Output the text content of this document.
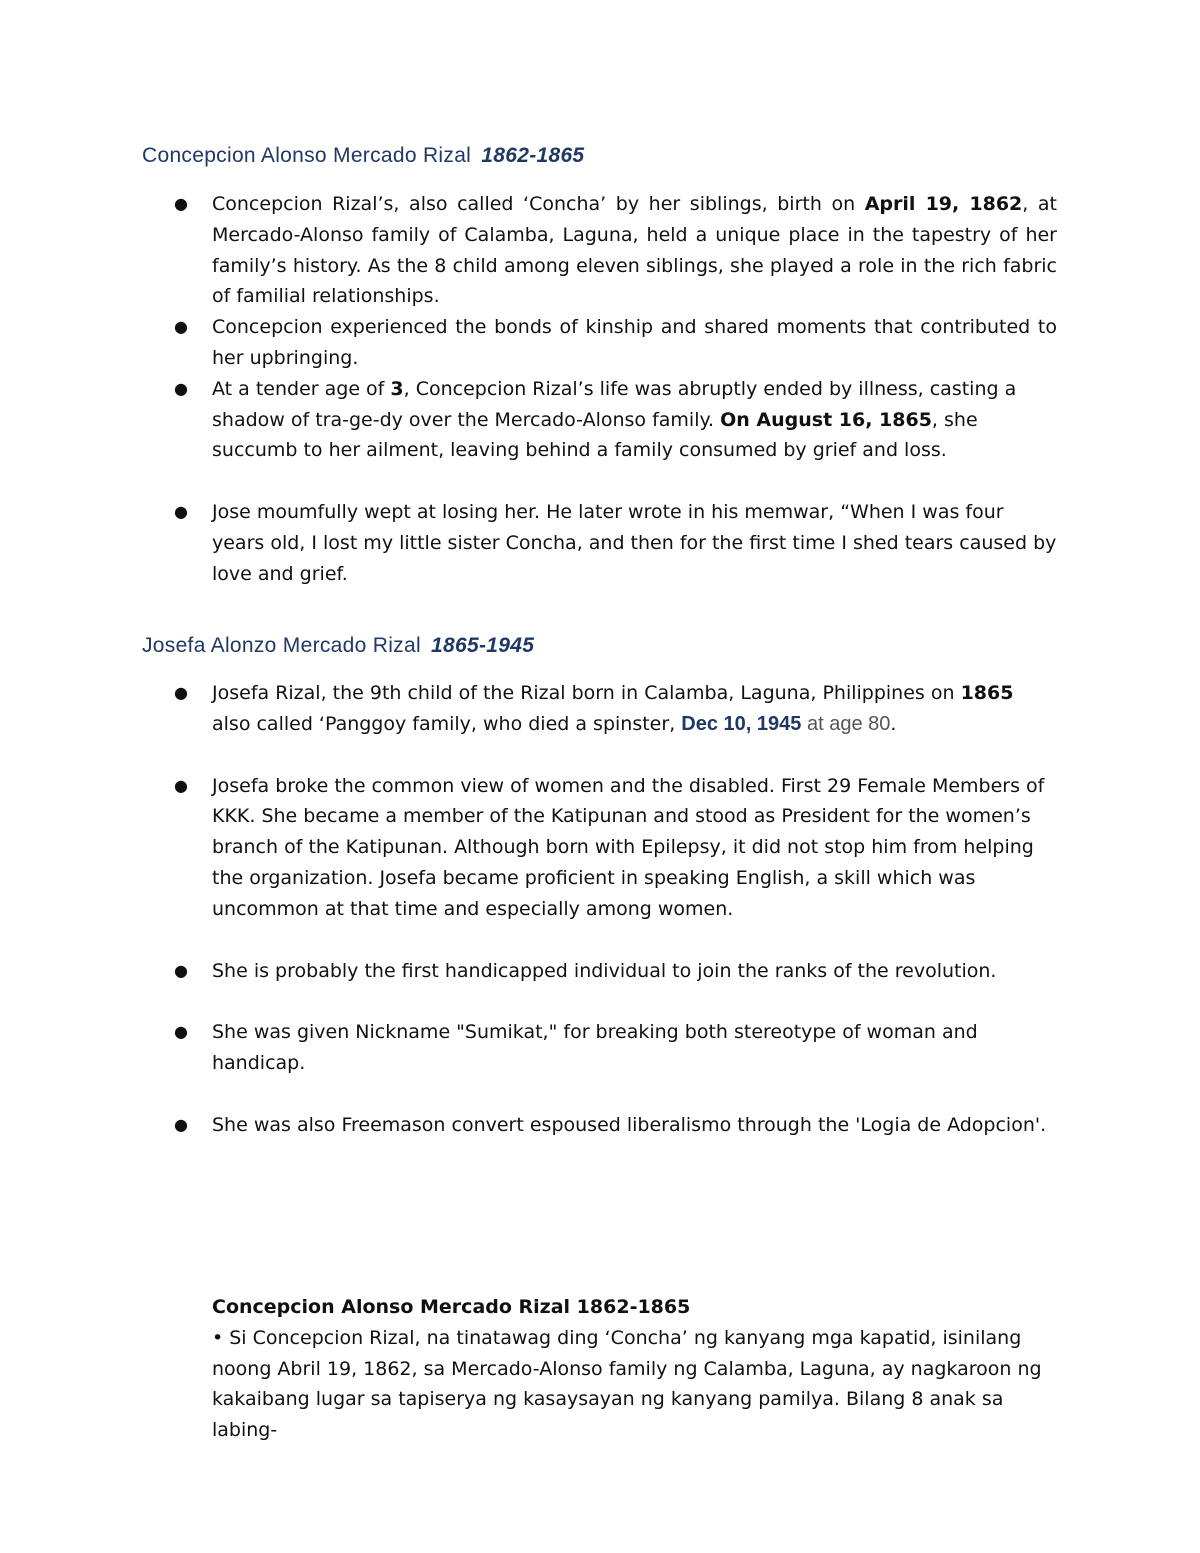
Concepcion Alonso Mercado Rizal 1862-1865
● Concepcion Rizal’s, also called ‘Concha’ by her siblings, birth on April 19, 1862, at Mercado-Alonso family of Calamba, Laguna, held a unique place in the tapestry of her family’s history. As the 8 child among eleven siblings, she played a role in the rich fabric of familial relationships.
● Concepcion experienced the bonds of kinship and shared moments that contributed to her upbringing.
● At a tender age of 3, Concepcion Rizal’s life was abruptly ended by illness, casting a shadow of tra-ge-dy over the Mercado-Alonso family. On August 16, 1865, she succumb to her ailment, leaving behind a family consumed by grief and loss.
● Jose moumfully wept at losing her. He later wrote in his memwar, “When I was four years old, I lost my little sister Concha, and then for the first time I shed tears caused by love and grief.
Josefa Alonzo Mercado Rizal 1865-1945
● Josefa Rizal, the 9th child of the Rizal born in Calamba, Laguna, Philippines on 1865 also called ‘Panggoy family, who died a spinster, Dec 10, 1945 at age 80.
● Josefa broke the common view of women and the disabled. First 29 Female Members of KKK. She became a member of the Katipunan and stood as President for the women’s branch of the Katipunan. Although born with Epilepsy, it did not stop him from helping the organization. Josefa became proficient in speaking English, a skill which was uncommon at that time and especially among women.
● She is probably the first handicapped individual to join the ranks of the revolution.
● She was given Nickname "Sumikat," for breaking both stereotype of woman and handicap.
● She was also Freemason convert espoused liberalismo through the 'Logia de Adopcion'.
Concepcion Alonso Mercado Rizal 1862-1865
• Si Concepcion Rizal, na tinatawag ding ‘Concha’ ng kanyang mga kapatid, isinilang noong Abril 19, 1862, sa Mercado-Alonso family ng Calamba, Laguna, ay nagkaroon ng kakaibang lugar sa tapiserya ng kasaysayan ng kanyang pamilya. Bilang 8 anak sa labing-
